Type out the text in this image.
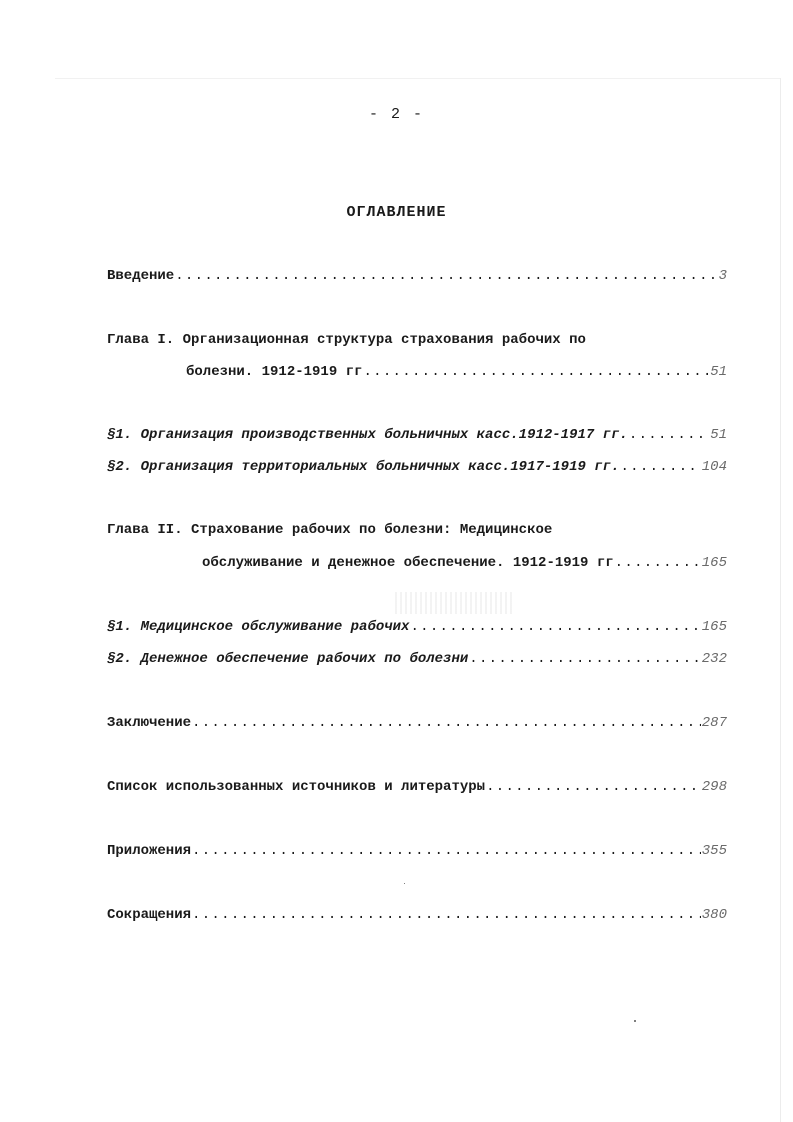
- 2 -
ОГЛАВЛЕНИЕ
Введение .....	3
Глава I. Организационная структура страхования рабочих по
болезни. 1912-1919 гг .....	51
§1. Организация производственных больничных касс.1912-1917 гг. .....	51
§2. Организация территориальных больничных касс.1917-1919 гг. .....	104
Глава II. Страхование рабочих по болезни: Медицинское
обслуживание и денежное обеспечение. 1912-1919 гг .....	165
§1. Медицинское обслуживание рабочих .....	165
§2. Денежное обеспечение рабочих по болезни .....	232
Заключение .....	287
Список использованных источников и литературы .....	298
Приложения .....	355
Сокращения .....	380
